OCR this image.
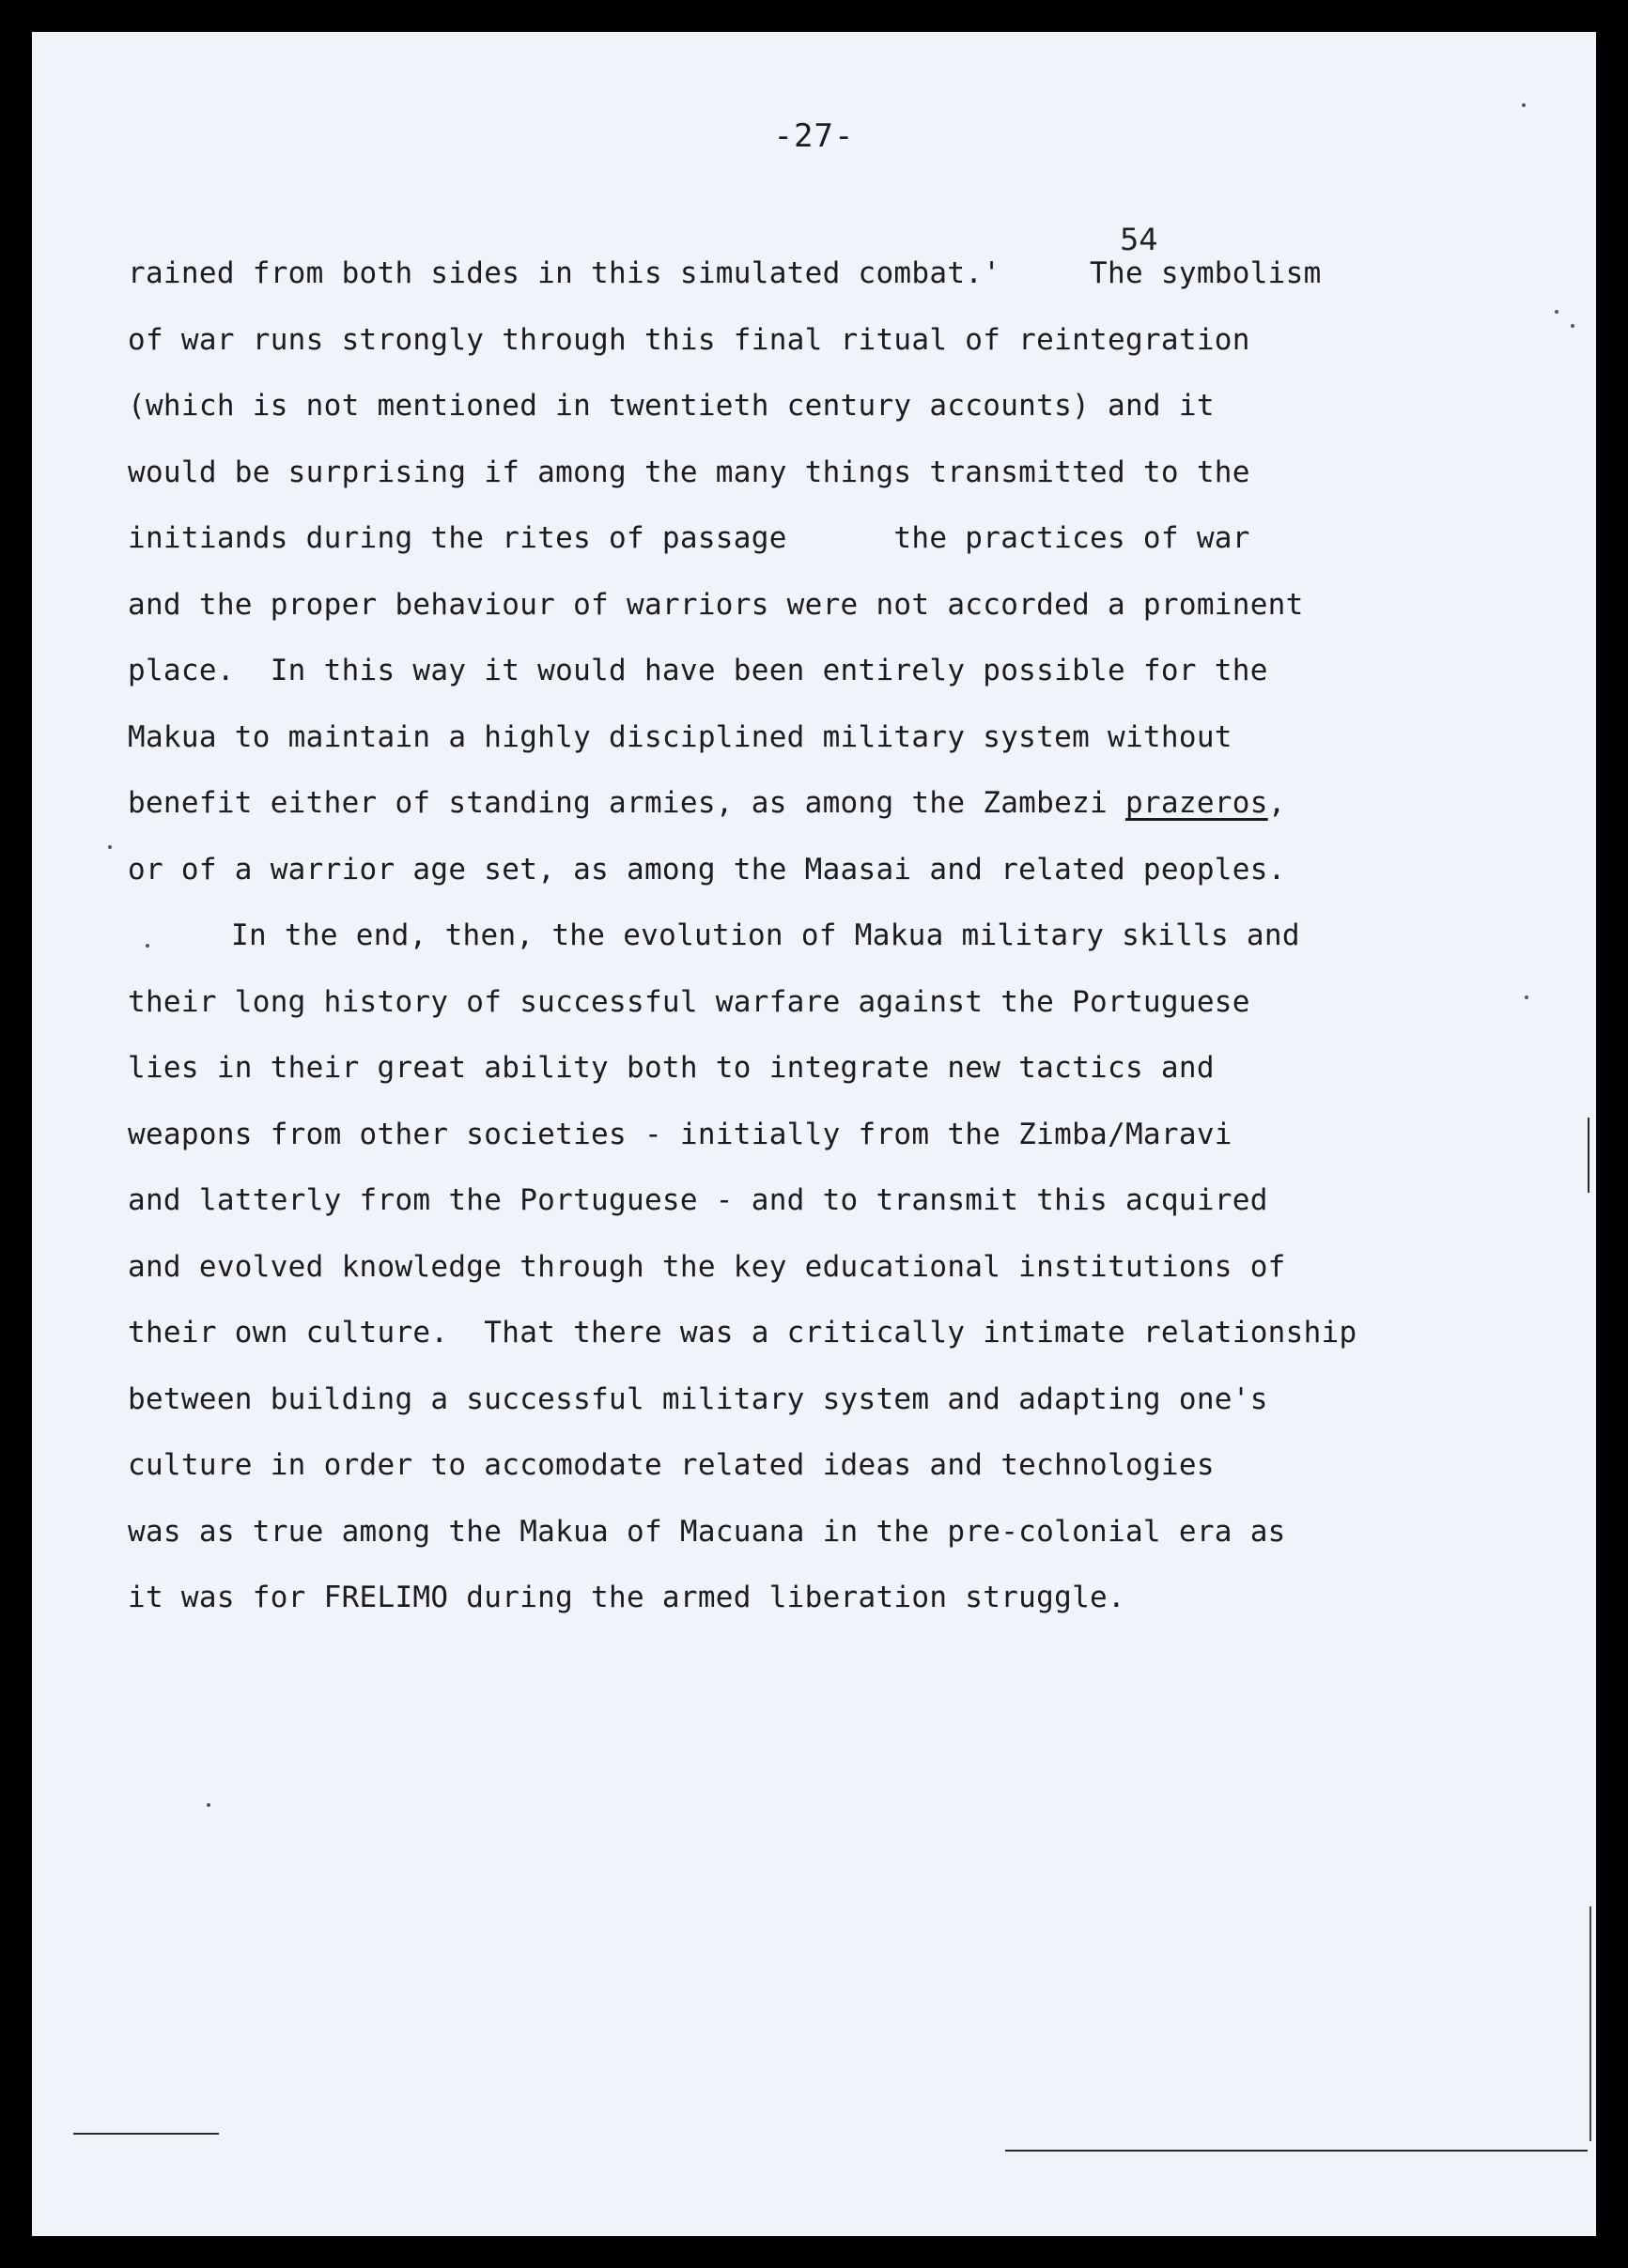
-27-
54
rained from both sides in this simulated combat.'     The symbolism
of war runs strongly through this final ritual of reintegration
(which is not mentioned in twentieth century accounts) and it
would be surprising if among the many things transmitted to the
initiands during the rites of passage      the practices of war
and the proper behaviour of warriors were not accorded a prominent
place.  In this way it would have been entirely possible for the
Makua to maintain a highly disciplined military system without
benefit either of standing armies, as among the Zambezi prazeros,
or of a warrior age set, as among the Maasai and related peoples.
In the end, then, the evolution of Makua military skills and
their long history of successful warfare against the Portuguese
lies in their great ability both to integrate new tactics and
weapons from other societies - initially from the Zimba/Maravi
and latterly from the Portuguese - and to transmit this acquired
and evolved knowledge through the key educational institutions of
their own culture.  That there was a critically intimate relationship
between building a successful military system and adapting one's
culture in order to accomodate related ideas and technologies
was as true among the Makua of Macuana in the pre-colonial era as
it was for FRELIMO during the armed liberation struggle.
